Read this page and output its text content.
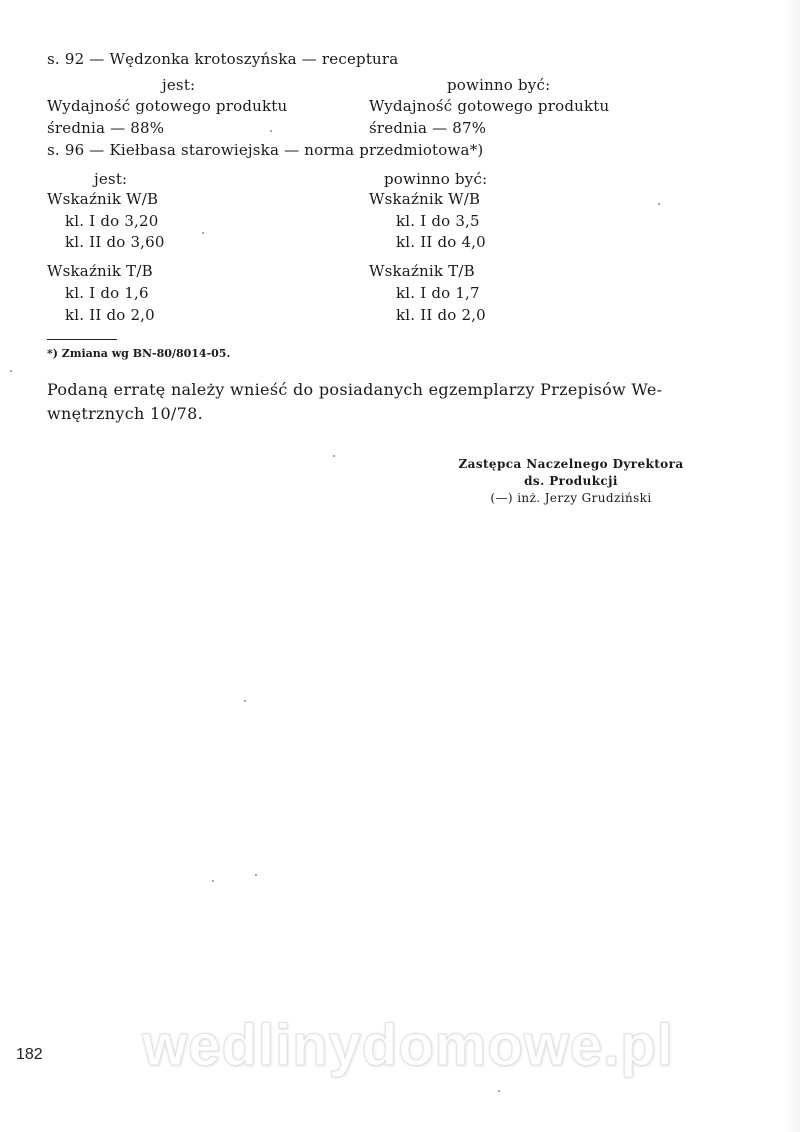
s. 92 — Wędzonka krotoszyńska — receptura
jest:	powinno być:
Wydajność gotowego produktu	Wydajność gotowego produktu
średnia — 88%	średnia — 87%
s. 96 — Kiełbasa starowiejska — norma przedmiotowa*)
jest:	powinno być:
Wskaźnik W/B	Wskaźnik W/B
kl. I do 3,20	kl. I do 3,5
kl. II do 3,60	kl. II do 4,0
Wskaźnik T/B	Wskaźnik T/B
kl. I do 1,6	kl. I do 1,7
kl. II do 2,0	kl. II do 2,0
*) Zmiana wg BN-80/8014-05.
Podaną erratę należy wnieść do posiadanych egzemplarzy Przepisów We-
wnętrznych 10/78.
Zastępca Naczelnego Dyrektora
ds. Produkcji
(—) inż. Jerzy Grudziński
wedlinydomowe.pl
182
